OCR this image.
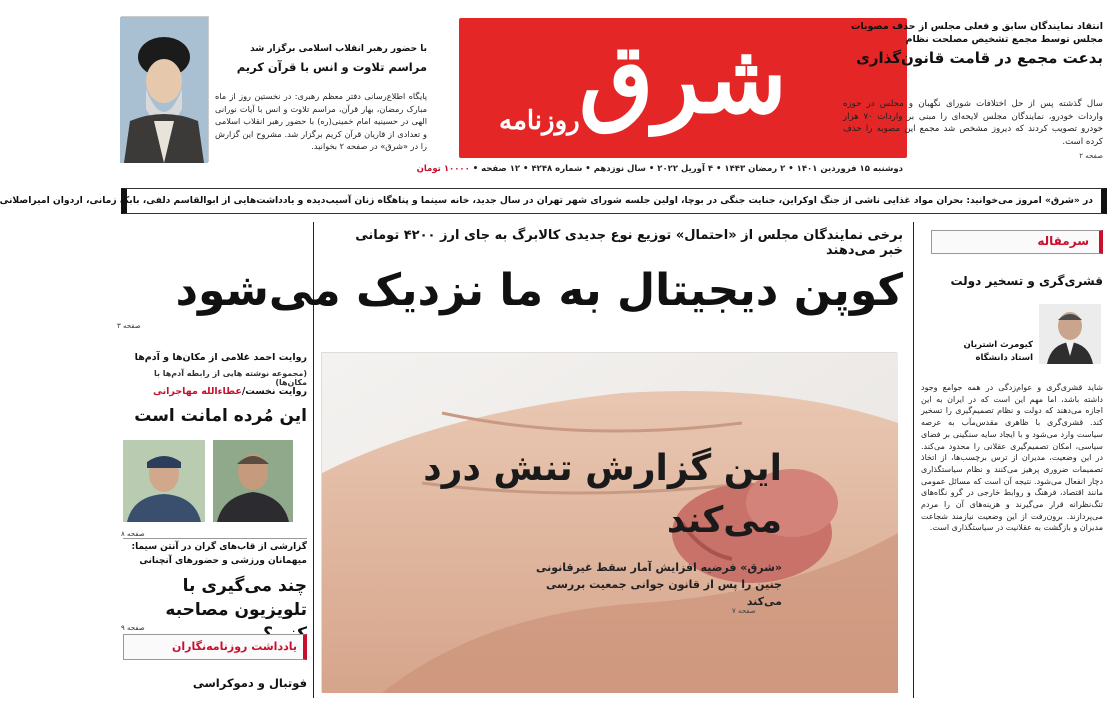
شرق
روزنامه
دوشنبه ۱۵ فروردین ۱۴۰۱ • ۲ رمضان ۱۴۴۳ • ۴ آوریل ۲۰۲۲ • سال نوزدهم • شماره ۴۲۴۸ • ۱۲ صفحه • ۱۰۰۰۰ تومان
انتقاد نمایندگان سابق و فعلی مجلس از حذف مصوبات مجلس توسط مجمع تشخیص مصلحت نظام
بدعت مجمع در قامت قانون‌گذاری
سال گذشته پس از حل اختلافات شورای نگهبان و مجلس در حوزه واردات خودرو، نمایندگان مجلس لایحه‌ای را مبنی بر واردات ۷۰ هزار خودرو تصویب کردند که دیروز مشخص شد مجمع این مصوبه را حذف کرده است.
صفحه ۲
با حضور رهبر انقلاب اسلامی برگزار شد
مراسم تلاوت و انس با قرآن کریم
پایگاه اطلاع‌رسانی دفتر معظم رهبری: در نخستین روز از ماه مبارک رمضان، بهار قرآن، مراسم تلاوت و انس با آیات نورانی الهی در حسینیه امام خمینی(ره) با حضور رهبر انقلاب اسلامی و تعدادی از قاریان قرآن کریم برگزار شد. مشروح این گزارش را در «شرق» در صفحه ۲ بخوانید.
در «شرق» امروز می‌خوانید: بحران مواد غذایی ناشی از جنگ اوکراین، جنایت جنگی در بوچا، اولین جلسه شورای شهر تهران در سال جدید، خانه سینما و پناهگاه زنان آسیب‌دیده و یادداشت‌هایی از ابوالقاسم دلفی، بابک زمانی، اردوان امیراصلانی
برخی نمایندگان مجلس از «احتمال» توزیع نوع جدیدی کالابرگ به جای ارز ۴۲۰۰ تومانی خبر می‌دهند
کوپن دیجیتال به ما نزدیک می‌شود
صفحه ۳
این گزارش تنش درد می‌کند
«شرق» فرضیه افزایش آمار سقط غیرقانونی جنین را پس از قانون جوانی جمعیت بررسی می‌کند
صفحه ۷
سرمقاله
قشری‌گری و تسخیر دولت
کیومرث اشتریان
استاد دانشگاه
شاید قشری‌گری و عوام‌زدگی در همه جوامع وجود داشته باشد، اما مهم این است که در ایران به این اجازه می‌دهند که دولت و نظام تصمیم‌گیری را تسخیر کند. قشری‌گری با ظاهری مقدس‌مآب به عرصه سیاست وارد می‌شود و با ایجاد سایه سنگینی بر فضای سیاسی، امکان تصمیم‌گیری عقلانی را محدود می‌کند. در این وضعیت، مدیران از ترس برچسب‌ها، از اتخاذ تصمیمات ضروری پرهیز می‌کنند و نظام سیاستگذاری دچار انفعال می‌شود. نتیجه آن است که مسائل عمومی مانند اقتصاد، فرهنگ و روابط خارجی در گرو نگاه‌های تنگ‌نظرانه قرار می‌گیرند و هزینه‌های آن را مردم می‌پردازند. برون‌رفت از این وضعیت نیازمند شجاعت مدیران و بازگشت به عقلانیت در سیاستگذاری است.
روایت احمد غلامی از مکان‌ها و آدم‌ها
(مجموعه نوشته هایی از رابطه آدم‌ها با مکان‌ها)
روایت نخست/عطاءالله مهاجرانی
این مُرده امانت است
صفحه ۸
گزارشی از قاب‌های گران در آنتن سیما: میهمانان ورزشی و حضورهای آنچنانی
چند می‌گیری با تلویزیون مصاحبه
صفحه ۹
یادداشت روزنامه‌نگاران
فوتبال و دموکراسی
